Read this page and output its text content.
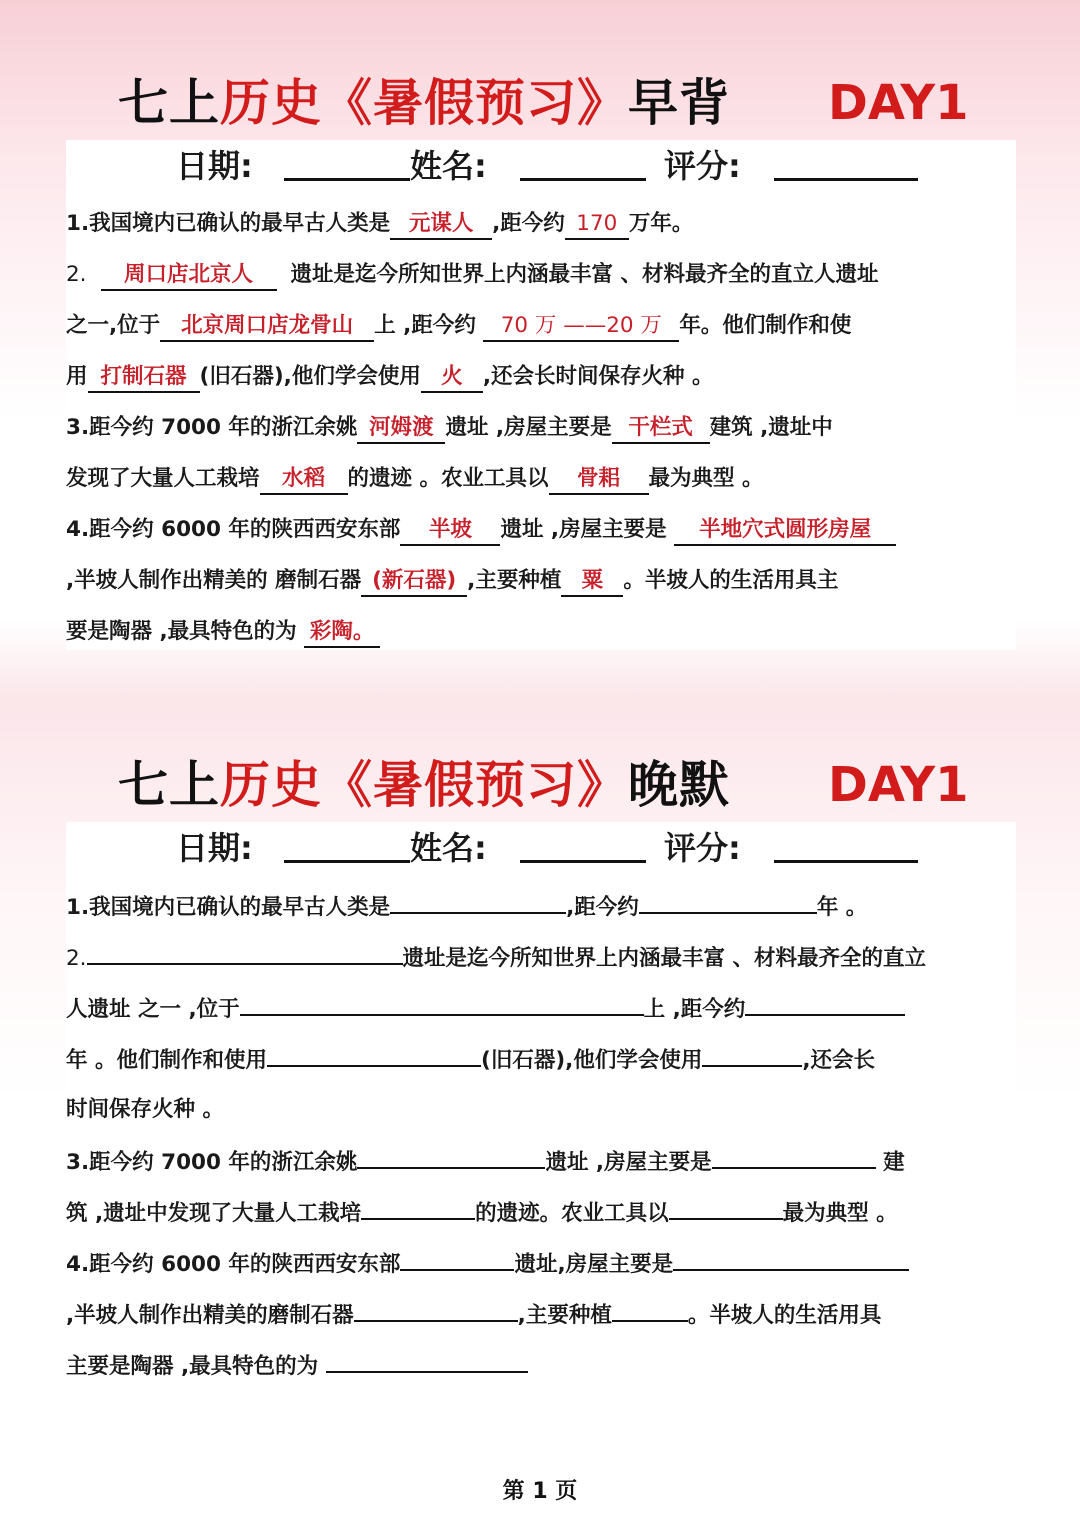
七上历史《暑假预习》早背 DAY1
日期:	姓名:	评分:
1.我国境内已确认的最早古人类是 元谋人 ,距今约 170 万年。
2. 周口店北京人 遗址是迄今所知世界上内涵最丰富 、材料最齐全的直立人遗址
之一,位于 北京周口店龙骨山 上 ,距今约 70 万 ——20 万 年。他们制作和使
用 打制石器 (旧石器),他们学会使用 火 ,还会长时间保存火种 。
3.距今约 7000 年的浙江余姚 河姆渡 遗址 ,房屋主要是 干栏式 建筑 ,遗址中
发现了大量人工栽培 水稻 的遗迹 。农业工具以 骨耜 最为典型 。
4.距今约 6000 年的陕西西安东部 半坡 遗址 ,房屋主要是 半地穴式圆形房屋
,半坡人制作出精美的 磨制石器 (新石器) ,主要种植 粟 。半坡人的生活用具主
要是陶器 ,最具特色的为 彩陶。
七上历史《暑假预习》晚默 DAY1
日期:	姓名:	评分:
1.我国境内已确认的最早古人类是	,距今约	年 。
2.	遗址是迄今所知世界上内涵最丰富 、材料最齐全的直立
人遗址 之一 ,位于	上 ,距今约
年 。他们制作和使用	(旧石器),他们学会使用	,还会长
时间保存火种 。
3.距今约 7000 年的浙江余姚	遗址 ,房屋主要是	建
筑 ,遗址中发现了大量人工栽培	的遗迹。农业工具以	最为典型 。
4.距今约 6000 年的陕西西安东部	遗址,房屋主要是
,半坡人制作出精美的磨制石器	,主要种植	。半坡人的生活用具
主要是陶器 ,最具特色的为
第 1 页
